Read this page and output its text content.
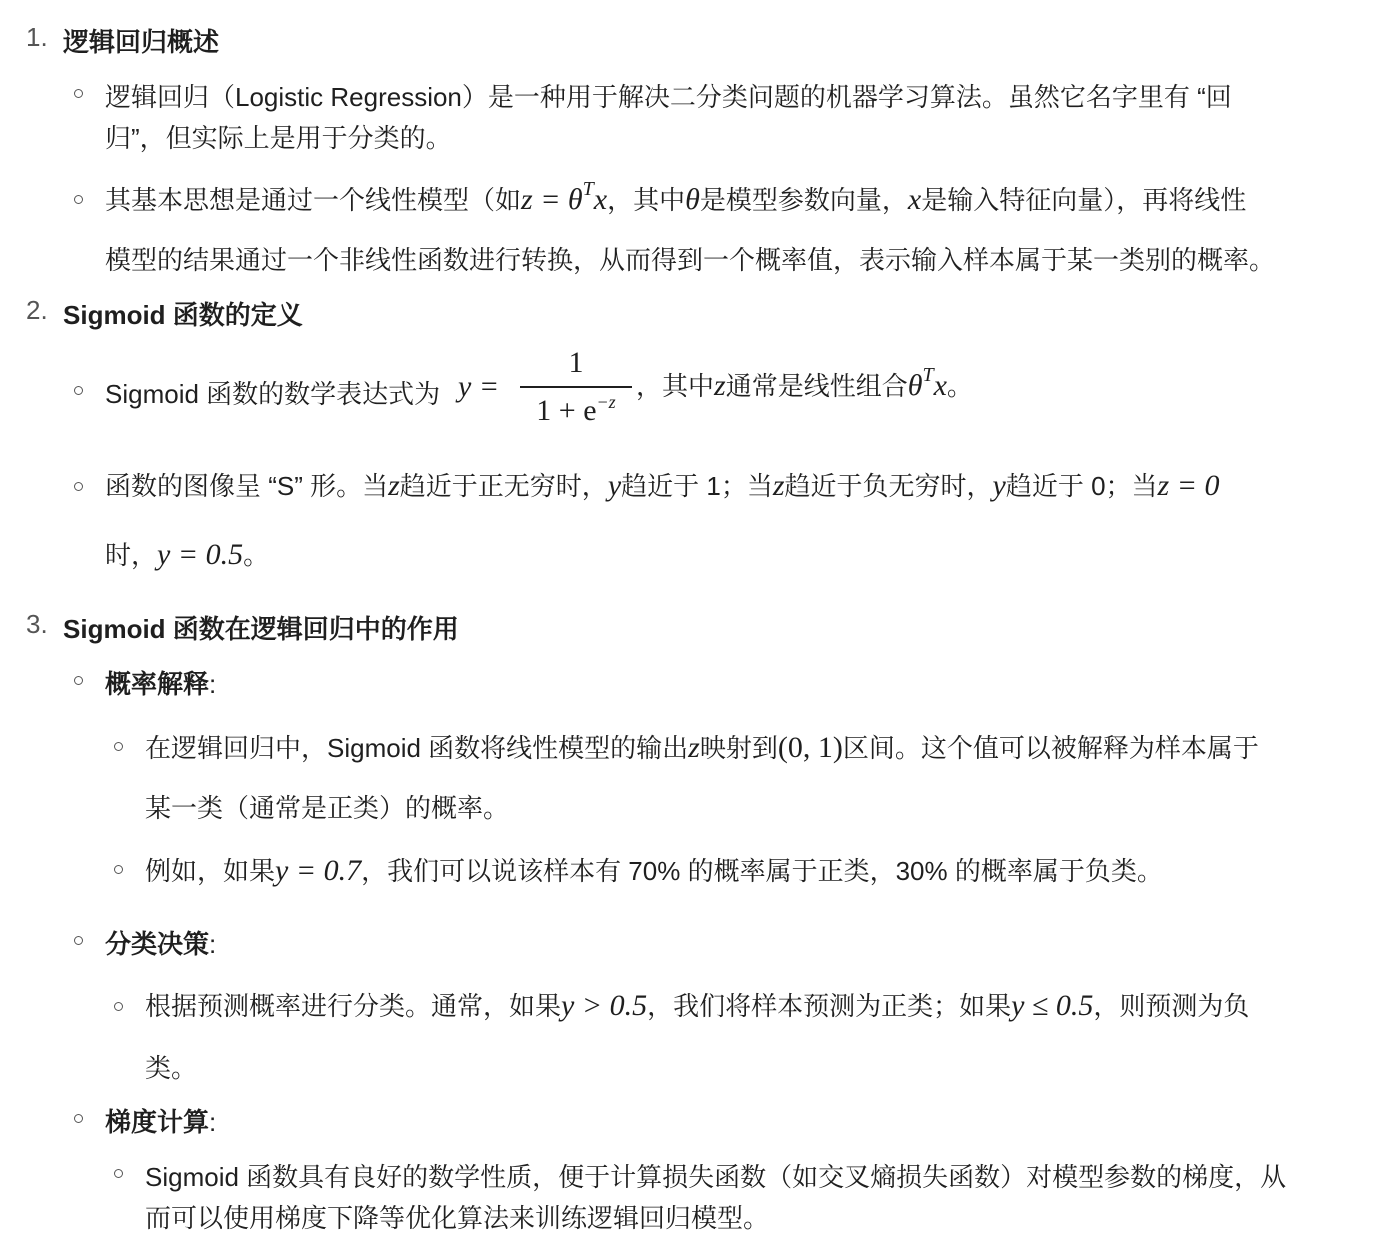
1. 逻辑回归概述
逻辑回归（Logistic Regression）是一种用于解决二分类问题的机器学习算法。虽然它名字里有 “回
归”，但实际上是用于分类的。
其基本思想是通过一个线性模型（如$z = \theta^Tx$，其中θ是模型参数向量，x是输入特征向量），再将线性
模型的结果通过一个非线性函数进行转换，从而得到一个概率值，表示输入样本属于某一类别的概率。
2. Sigmoid 函数的定义
Sigmoid 函数的数学表达式为 y =
1
$1 + e^{-z}$
，其中z通常是线性组合$\theta^Tx$。
函数的图像呈 “S” 形。当z趋近于正无穷时，y趋近于 1；当z趋近于负无穷时，y趋近于 0；当z = 0
时，y = 0.5。
3. Sigmoid 函数在逻辑回归中的作用
概率解释:
在逻辑回归中，Sigmoid 函数将线性模型的输出z映射到(0, 1)区间。这个值可以被解释为样本属于
某一类（通常是正类）的概率。
例如，如果y = 0.7，我们可以说该样本有 70% 的概率属于正类，30% 的概率属于负类。
分类决策:
根据预测概率进行分类。通常，如果y > 0.5，我们将样本预测为正类；如果y ≤ 0.5，则预测为负
类。
梯度计算:
Sigmoid 函数具有良好的数学性质，便于计算损失函数（如交叉熵损失函数）对模型参数的梯度，从
而可以使用梯度下降等优化算法来训练逻辑回归模型。
